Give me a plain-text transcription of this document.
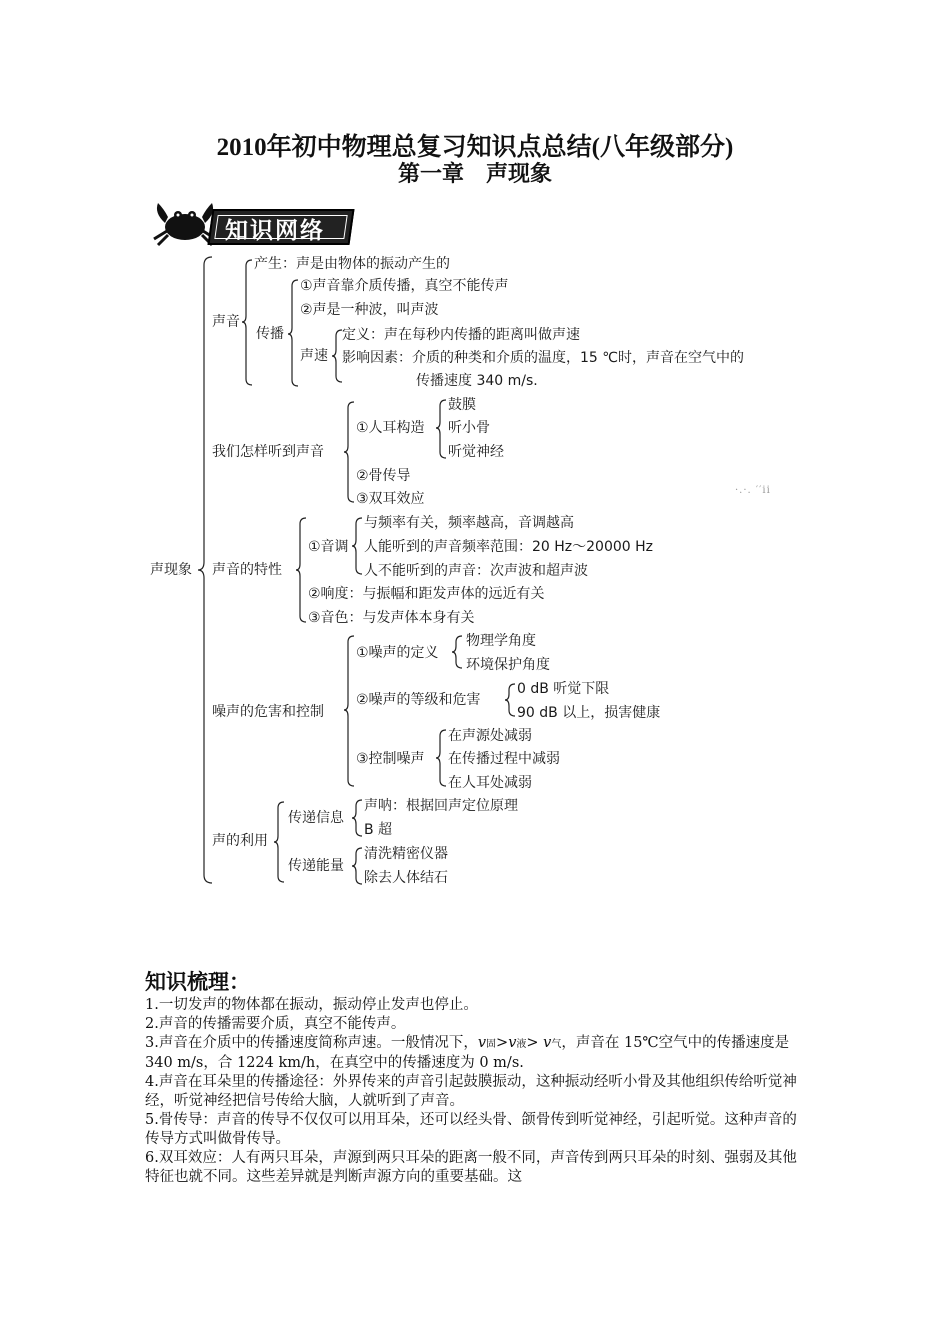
2010年初中物理总复习知识点总结(八年级部分)
第一章　声现象
知识网络
声现象
声音
产生：声是由物体的振动产生的
传播
①声音靠介质传播，真空不能传声
②声是一种波，叫声波
声速
定义：声在每秒内传播的距离叫做声速
影响因素：介质的种类和介质的温度，15 ℃时，声音在空气中的
传播速度 340 m/s.
我们怎样听到声音
①人耳构造
鼓膜
听小骨
听觉神经
②骨传导
③双耳效应
声音的特性
①音调
与频率有关，频率越高，音调越高
人能听到的声音频率范围：20 Hz～20000 Hz
人不能听到的声音：次声波和超声波
②响度：与振幅和距发声体的远近有关
③音色：与发声体本身有关
噪声的危害和控制
①噪声的定义
物理学角度
环境保护角度
②噪声的等级和危害
0 dB 听觉下限
90 dB 以上，损害健康
③控制噪声
在声源处减弱
在传播过程中减弱
在人耳处减弱
声的利用
传递信息
声呐：根据回声定位原理
B 超
传递能量
清洗精密仪器
除去人体结石
·.·. ′′ii
知识梳理：

1.一切发声的物体都在振动，振动停止发声也停止。

2.声音的传播需要介质，真空不能传声。

3.声音在介质中的传播速度简称声速。一般情况下，v固>v液> v气，声音在 15℃空气中的传播速度是 340 m/s，合 1224 km/h，在真空中的传播速度为 0 m/s.

4.声音在耳朵里的传播途径：外界传来的声音引起鼓膜振动，这种振动经听小骨及其他组织传给听觉神经，听觉神经把信号传给大脑，人就听到了声音。

5.骨传导：声音的传导不仅仅可以用耳朵，还可以经头骨、颌骨传到听觉神经，引起听觉。这种声音的传导方式叫做骨传导。

6.双耳效应：人有两只耳朵，声源到两只耳朵的距离一般不同，声音传到两只耳朵的时刻、强弱及其他特征也就不同。这些差异就是判断声源方向的重要基础。这
